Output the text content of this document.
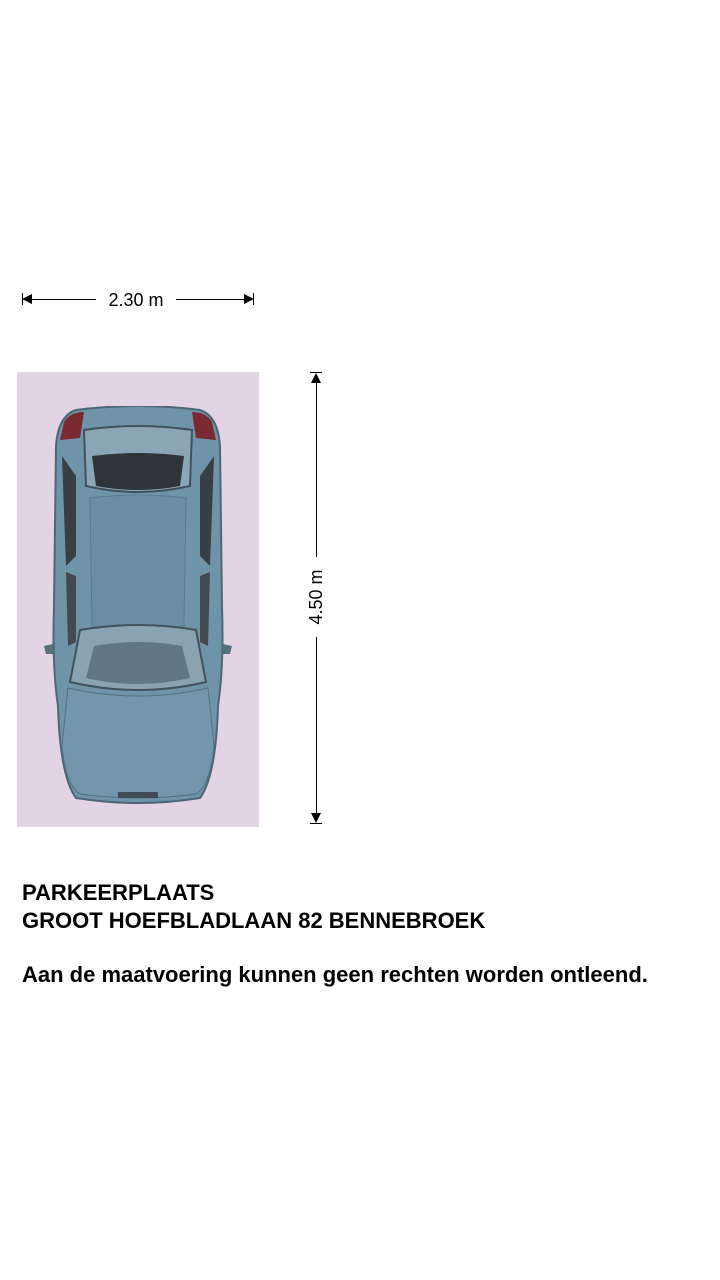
2.30 m
4.50 m
PARKEERPLAATS
GROOT HOEFBLADLAAN 82 BENNEBROEK
Aan de maatvoering kunnen geen rechten worden ontleend.
